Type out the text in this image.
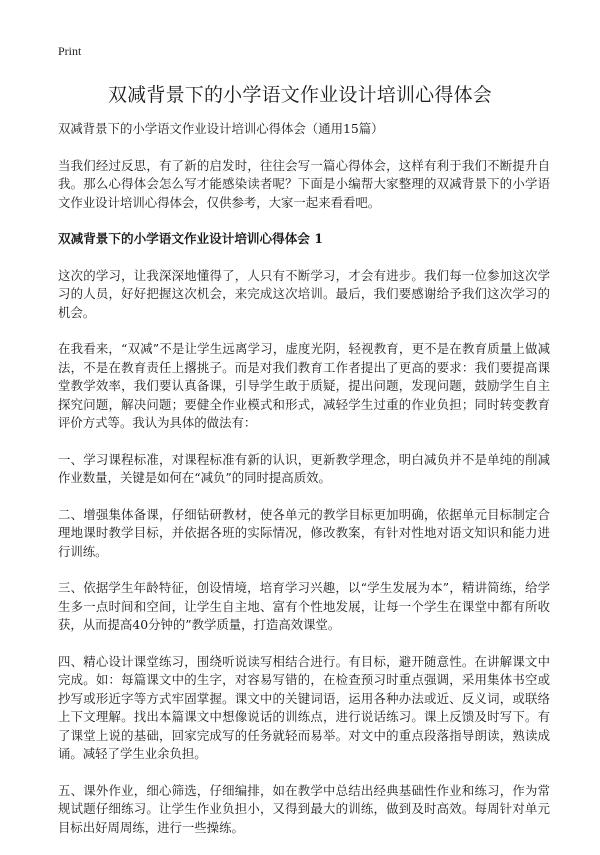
Print
双减背景下的小学语文作业设计培训心得体会

双减背景下的小学语文作业设计培训心得体会（通用15篇）

当我们经过反思，有了新的启发时，往往会写一篇心得体会，这样有利于我们不断提升自我。那么心得体会怎么写才能感染读者呢？下面是小编帮大家整理的双减背景下的小学语文作业设计培训心得体会，仅供参考，大家一起来看看吧。

双减背景下的小学语文作业设计培训心得体会 1

这次的学习，让我深深地懂得了，人只有不断学习，才会有进步。我们每一位参加这次学习的人员，好好把握这次机会，来完成这次培训。最后，我们要感谢给予我们这次学习的机会。

在我看来，“双减”不是让学生远离学习，虚度光阴，轻视教育，更不是在教育质量上做减法，不是在教育责任上撂挑子。而是对我们教育工作者提出了更高的要求：我们要提高课堂教学效率，我们要认真备课，引导学生敢于质疑，提出问题，发现问题，鼓励学生自主探究问题，解决问题；要健全作业模式和形式，减轻学生过重的作业负担；同时转变教育评价方式等。我认为具体的做法有：

一、学习课程标准，对课程标准有新的认识，更新教学理念，明白减负并不是单纯的削减作业数量，关键是如何在“减负”的同时提高质效。

二、增强集体备课，仔细钻研教材，使各单元的教学目标更加明确，依据单元目标制定合理地课时教学目标，并依据各班的实际情况，修改教案，有针对性地对语文知识和能力进行训练。

三、依据学生年龄特征，创设情境，培育学习兴趣，以“学生发展为本”，精讲简练，给学生多一点时间和空间，让学生自主地、富有个性地发展，让每一个学生在课堂中都有所收获，从而提高40分钟的”教学质量，打造高效课堂。

四、精心设计课堂练习，围绕听说读写相结合进行。有目标，避开随意性。在讲解课文中完成。如：每篇课文中的生字，对容易写错的，在检查预习时重点强调，采用集体书空或抄写或形近字等方式牢固掌握。课文中的关键词语，运用各种办法或近、反义词，或联络上下文理解。找出本篇课文中想像说话的训练点，进行说话练习。课上反馈及时写下。有了课堂上说的基础，回家完成写的任务就轻而易举。对文中的重点段落指导朗读，熟读成诵。减轻了学生业余负担。

五、课外作业，细心筛选，仔细编排，如在教学中总结出经典基础性作业和练习，作为常规试题仔细练习。让学生作业负担小，又得到最大的训练，做到及时高效。每周针对单元目标出好周周练，进行一些操练。
